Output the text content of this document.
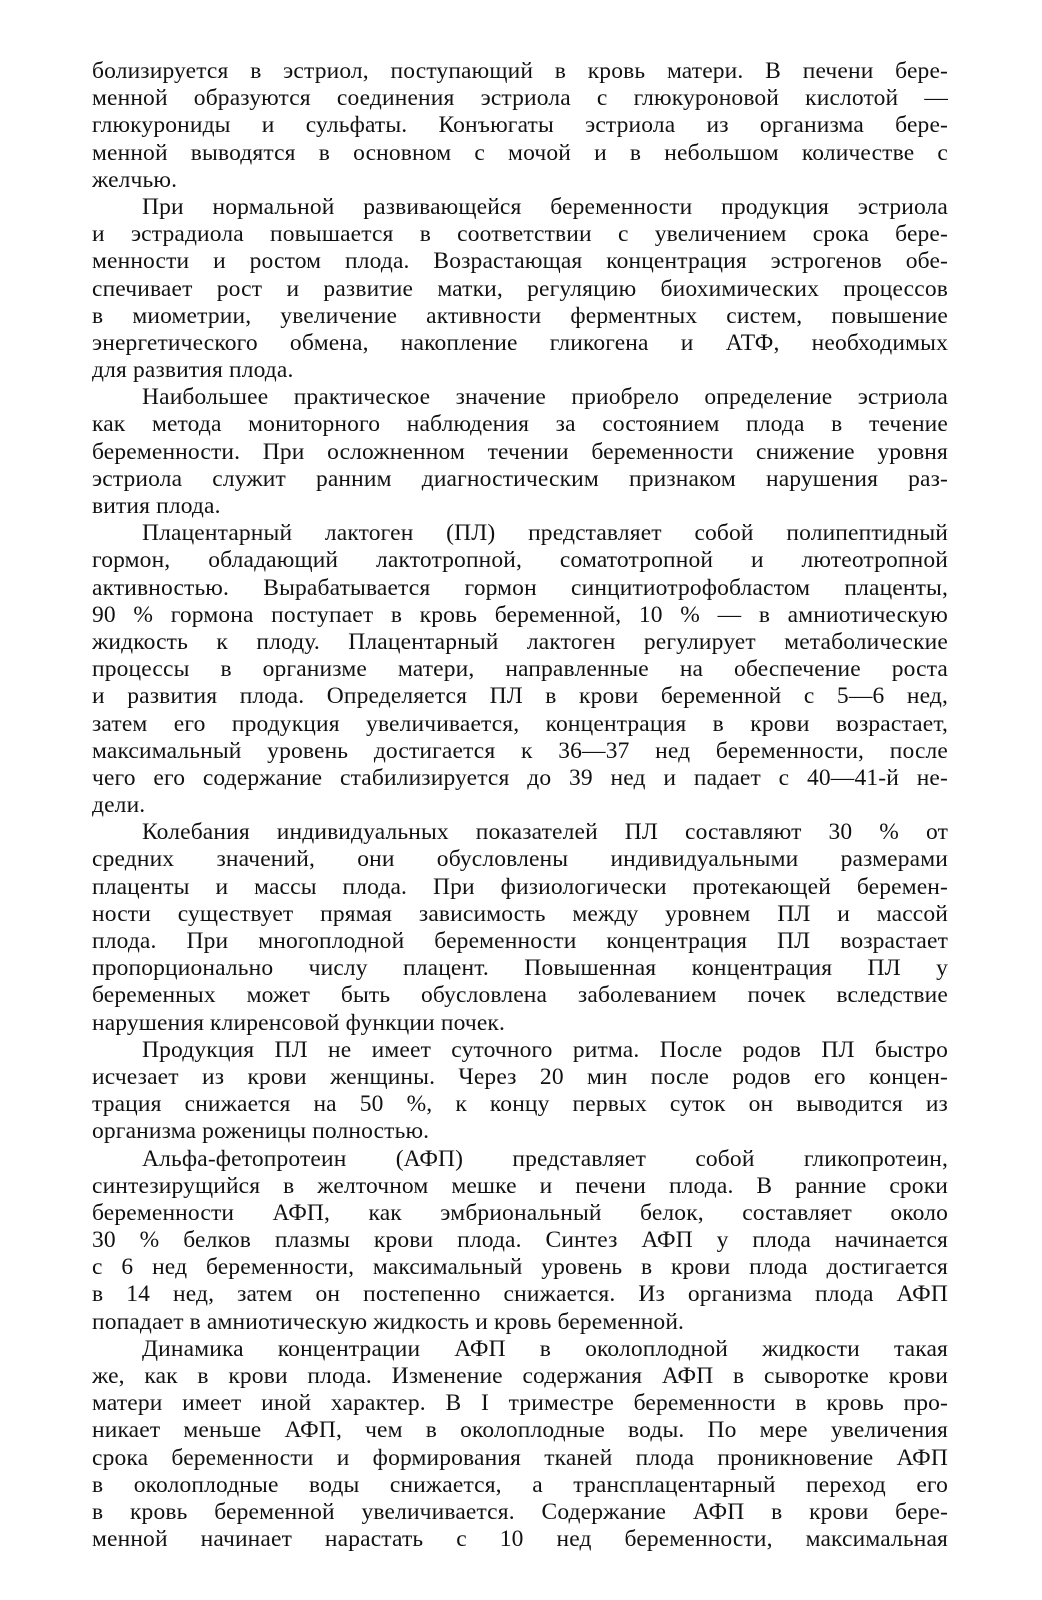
болизируется в эстриол, поступающий в кровь матери. В печени бере-
менной образуются соединения эстриола с глюкуроновой кислотой —
глюкурониды и сульфаты. Конъюгаты эстриола из организма бере-
менной выводятся в основном с мочой и в небольшом количестве с
желчью.
При нормальной развивающейся беременности продукция эстриола
и эстрадиола повышается в соответствии с увеличением срока бере-
менности и ростом плода. Возрастающая концентрация эстрогенов обе-
спечивает рост и развитие матки, регуляцию биохимических процессов
в миометрии, увеличение активности ферментных систем, повышение
энергетического обмена, накопление гликогена и АТФ, необходимых
для развития плода.
Наибольшее практическое значение приобрело определение эстриола
как метода мониторного наблюдения за состоянием плода в течение
беременности. При осложненном течении беременности снижение уровня
эстриола служит ранним диагностическим признаком нарушения раз-
вития плода.
Плацентарный лактоген (ПЛ) представляет собой полипептидный
гормон, обладающий лактотропной, соматотропной и лютеотропной
активностью. Вырабатывается гормон синцитиотрофобластом плаценты,
90 % гормона поступает в кровь беременной, 10 % — в амниотическую
жидкость к плоду. Плацентарный лактоген регулирует метаболические
процессы в организме матери, направленные на обеспечение роста
и развития плода. Определяется ПЛ в крови беременной с 5—6 нед,
затем его продукция увеличивается, концентрация в крови возрастает,
максимальный уровень достигается к 36—37 нед беременности, после
чего его содержание стабилизируется до 39 нед и падает с 40—41-й не-
дели.
Колебания индивидуальных показателей ПЛ составляют 30 % от
средних значений, они обусловлены индивидуальными размерами
плаценты и массы плода. При физиологически протекающей беремен-
ности существует прямая зависимость между уровнем ПЛ и массой
плода. При многоплодной беременности концентрация ПЛ возрастает
пропорционально числу плацент. Повышенная концентрация ПЛ у
беременных может быть обусловлена заболеванием почек вследствие
нарушения клиренсовой функции почек.
Продукция ПЛ не имеет суточного ритма. После родов ПЛ быстро
исчезает из крови женщины. Через 20 мин после родов его концен-
трация снижается на 50 %, к концу первых суток он выводится из
организма роженицы полностью.
Альфа-фетопротеин (АФП) представляет собой гликопротеин,
синтезирущийся в желточном мешке и печени плода. В ранние сроки
беременности АФП, как эмбриональный белок, составляет около
30 % белков плазмы крови плода. Синтез АФП у плода начинается
с 6 нед беременности, максимальный уровень в крови плода достигается
в 14 нед, затем он постепенно снижается. Из организма плода АФП
попадает в амниотическую жидкость и кровь беременной.
Динамика концентрации АФП в околоплодной жидкости такая
же, как в крови плода. Изменение содержания АФП в сыворотке крови
матери имеет иной характер. В I триместре беременности в кровь про-
никает меньше АФП, чем в околоплодные воды. По мере увеличения
срока беременности и формирования тканей плода проникновение АФП
в околоплодные воды снижается, а трансплацентарный переход его
в кровь беременной увеличивается. Содержание АФП в крови бере-
менной начинает нарастать с 10 нед беременности, максимальная
